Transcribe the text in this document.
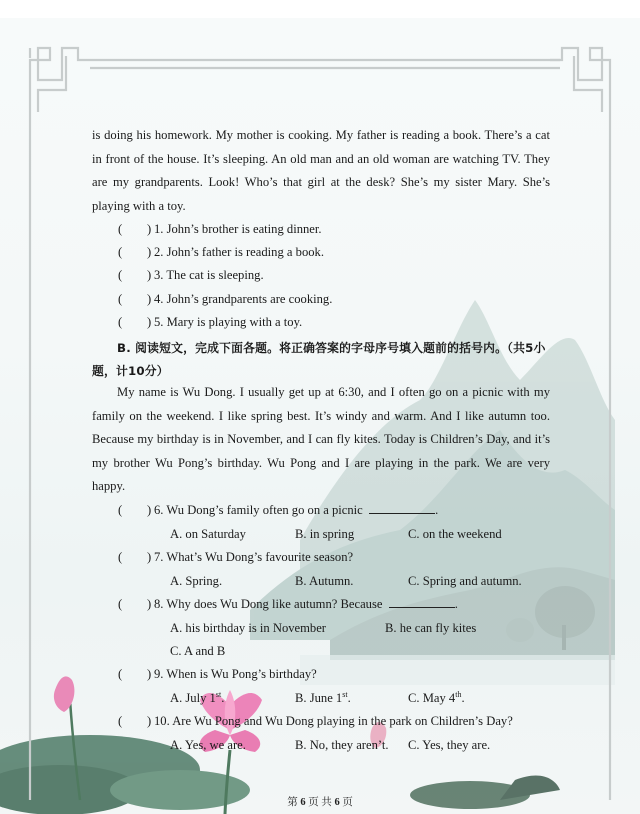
is doing his homework. My mother is cooking. My father is reading a book. There’s a cat in front of the house. It’s sleeping. An old man and an old woman are watching TV. They are my grandparents. Look! Who’s that girl at the desk? She’s my sister Mary. She’s playing with a toy.

( ) 1. John’s brother is eating dinner.
( ) 2. John’s father is reading a book.
( ) 3. The cat is sleeping.
( ) 4. John’s grandparents are cooking.
( ) 5. Mary is playing with a toy.

B. 阅读短文，完成下面各题。将正确答案的字母序号填入题前的括号内。（共5小题，计10分）

My name is Wu Dong. I usually get up at 6:30, and I often go on a picnic with my family on the weekend. I like spring best. It’s windy and warm. And I like autumn too. Because my birthday is in November, and I can fly kites. Today is Children’s Day, and it’s my brother Wu Pong’s birthday. Wu Pong and I are playing in the park. We are very happy.

( ) 6. Wu Dong’s family often go on a picnic	.
A. on Saturday	B. in spring	C. on the weekend
( ) 7. What’s Wu Dong’s favourite season?
A. Spring.	B. Autumn.	C. Spring and autumn.
( ) 8. Why does Wu Dong like autumn? Because	.
A. his birthday is in November	B. he can fly kites
C. A and B
( ) 9. When is Wu Pong’s birthday?
A. July 1st.	B. June 1st.	C. May 4th.
( ) 10. Are Wu Pong and Wu Dong playing in the park on Children’s Day?
A. Yes, we are.	B. No, they aren’t. C. Yes, they are.
第 6 页 共 6 页
